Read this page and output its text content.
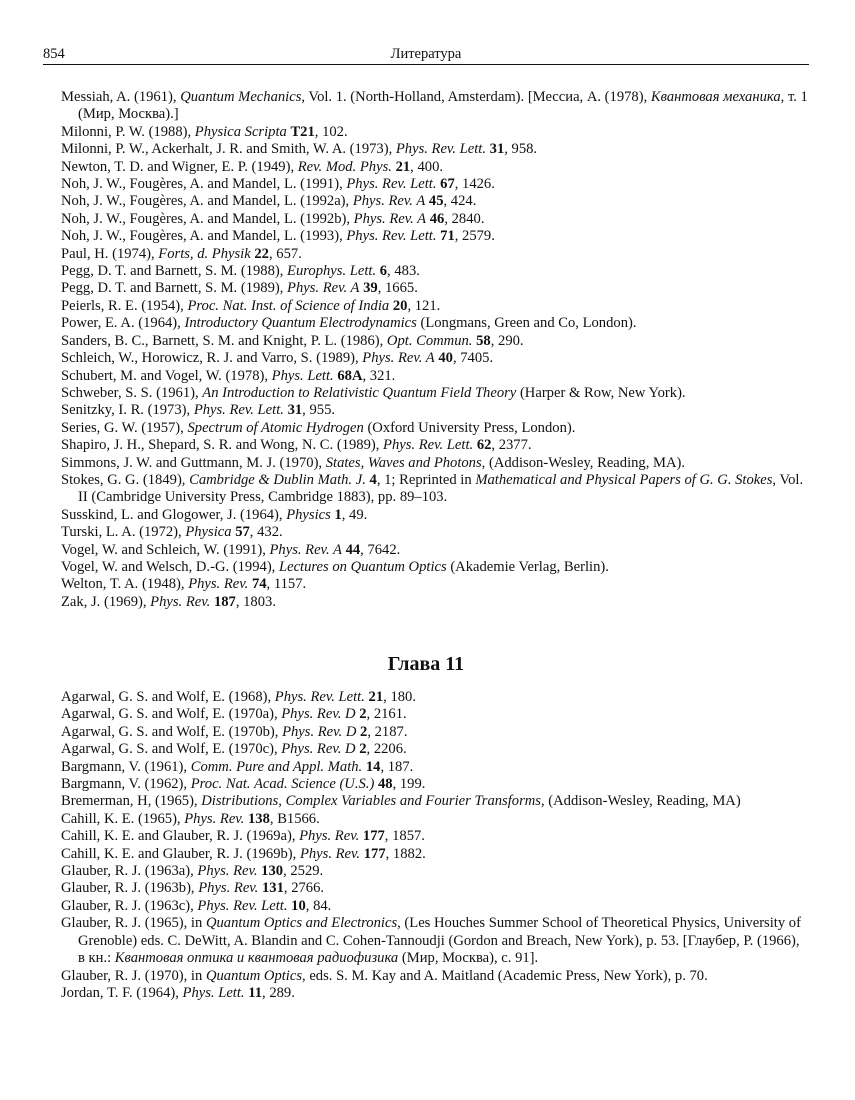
854	Литература

Messiah, A. (1961), Quantum Mechanics, Vol. 1. (North-Holland, Amsterdam). [Мессиа, А. (1978), Квантовая механика, т. 1 (Мир, Москва).]

Milonni, P. W. (1988), Physica Scripta T21, 102.

Milonni, P. W., Ackerhalt, J. R. and Smith, W. A. (1973), Phys. Rev. Lett. 31, 958.

Newton, T. D. and Wigner, E. P. (1949), Rev. Mod. Phys. 21, 400.

Noh, J. W., Fougères, A. and Mandel, L. (1991), Phys. Rev. Lett. 67, 1426.

Noh, J. W., Fougères, A. and Mandel, L. (1992a), Phys. Rev. A 45, 424.

Noh, J. W., Fougères, A. and Mandel, L. (1992b), Phys. Rev. A 46, 2840.

Noh, J. W., Fougères, A. and Mandel, L. (1993), Phys. Rev. Lett. 71, 2579.

Paul, H. (1974), Forts, d. Physik 22, 657.

Pegg, D. T. and Barnett, S. M. (1988), Europhys. Lett. 6, 483.

Pegg, D. T. and Barnett, S. M. (1989), Phys. Rev. A 39, 1665.

Peierls, R. E. (1954), Proc. Nat. Inst. of Science of India 20, 121.

Power, E. A. (1964), Introductory Quantum Electrodynamics (Longmans, Green and Co, London).

Sanders, B. C., Barnett, S. M. and Knight, P. L. (1986), Opt. Commun. 58, 290.

Schleich, W., Horowicz, R. J. and Varro, S. (1989), Phys. Rev. A 40, 7405.

Schubert, M. and Vogel, W. (1978), Phys. Lett. 68A, 321.

Schweber, S. S. (1961), An Introduction to Relativistic Quantum Field Theory (Harper & Row, New York).

Senitzky, I. R. (1973), Phys. Rev. Lett. 31, 955.

Series, G. W. (1957), Spectrum of Atomic Hydrogen (Oxford University Press, London).

Shapiro, J. H., Shepard, S. R. and Wong, N. C. (1989), Phys. Rev. Lett. 62, 2377.

Simmons, J. W. and Guttmann, M. J. (1970), States, Waves and Photons, (Addison-Wesley, Reading, MA).

Stokes, G. G. (1849), Cambridge & Dublin Math. J. 4, 1; Reprinted in Mathematical and Physical Papers of G. G. Stokes, Vol. II (Cambridge University Press, Cambridge 1883), pp. 89–103.

Susskind, L. and Glogower, J. (1964), Physics 1, 49.

Turski, L. A. (1972), Physica 57, 432.

Vogel, W. and Schleich, W. (1991), Phys. Rev. A 44, 7642.

Vogel, W. and Welsch, D.-G. (1994), Lectures on Quantum Optics (Akademie Verlag, Berlin).

Welton, T. A. (1948), Phys. Rev. 74, 1157.

Zak, J. (1969), Phys. Rev. 187, 1803.

Глава 11

Agarwal, G. S. and Wolf, E. (1968), Phys. Rev. Lett. 21, 180.

Agarwal, G. S. and Wolf, E. (1970a), Phys. Rev. D 2, 2161.

Agarwal, G. S. and Wolf, E. (1970b), Phys. Rev. D 2, 2187.

Agarwal, G. S. and Wolf, E. (1970c), Phys. Rev. D 2, 2206.

Bargmann, V. (1961), Comm. Pure and Appl. Math. 14, 187.

Bargmann, V. (1962), Proc. Nat. Acad. Science (U.S.) 48, 199.

Bremerman, H, (1965), Distributions, Complex Variables and Fourier Transforms, (Addison-Wesley, Reading, MA)

Cahill, K. E. (1965), Phys. Rev. 138, B1566.

Cahill, K. E. and Glauber, R. J. (1969a), Phys. Rev. 177, 1857.

Cahill, K. E. and Glauber, R. J. (1969b), Phys. Rev. 177, 1882.

Glauber, R. J. (1963a), Phys. Rev. 130, 2529.

Glauber, R. J. (1963b), Phys. Rev. 131, 2766.

Glauber, R. J. (1963c), Phys. Rev. Lett. 10, 84.

Glauber, R. J. (1965), in Quantum Optics and Electronics, (Les Houches Summer School of Theoretical Physics, University of Grenoble) eds. C. DeWitt, A. Blandin and C. Cohen-Tannoudji (Gordon and Breach, New York), p. 53. [Глаубер, Р. (1966), в кн.: Квантовая оптика и квантовая радиофизика (Мир, Москва), с. 91].

Glauber, R. J. (1970), in Quantum Optics, eds. S. M. Kay and A. Maitland (Academic Press, New York), p. 70.

Jordan, T. F. (1964), Phys. Lett. 11, 289.
